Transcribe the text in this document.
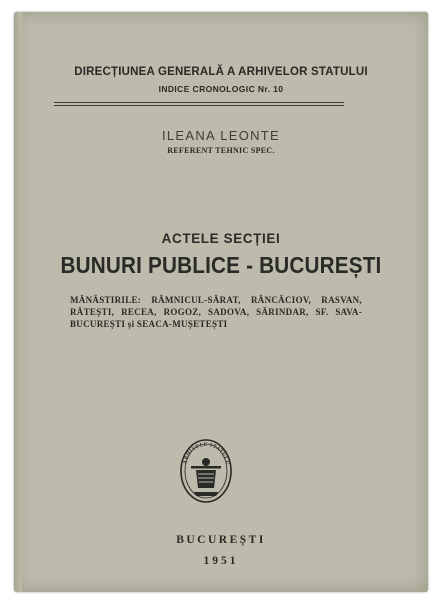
DIRECȚIUNEA GENERALĂ A ARHIVELOR STATULUI

INDICE CRONOLOGIC Nr. 10

ILEANA LEONTE

REFERENT TEHNIC SPEC.

ACTELE SECȚIEI

BUNURI PUBLICE - BUCUREȘTI

MĂNĂSTIRILE: RÂMNICUL-SĂRAT, RÂNCĂCIOV, RASVAN, RĂTEȘTI, RECEA, ROGOZ, SADOVA, SĂRINDAR, SF. SAVA-BUCUREȘTI și SEACA-MUȘETEȘTI

ARHIVELE STATULU

BUCUREȘTI

1951
